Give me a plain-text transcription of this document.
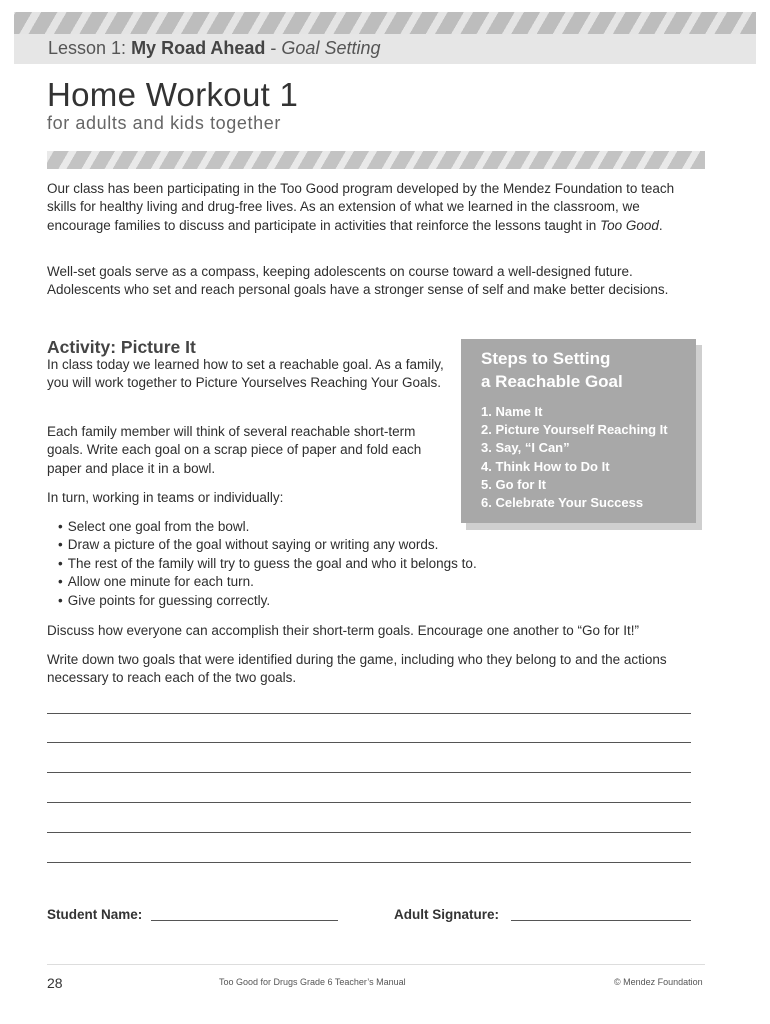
Lesson 1: My Road Ahead - Goal Setting
Home Workout 1
for adults and kids together
Our class has been participating in the Too Good program developed by the Mendez Foundation to teach skills for healthy living and drug-free lives. As an extension of what we learned in the classroom, we encourage families to discuss and participate in activities that reinforce the lessons taught in Too Good.
Well-set goals serve as a compass, keeping adolescents on course toward a well-designed future. Adolescents who set and reach personal goals have a stronger sense of self and make better decisions.
Activity: Picture It
In class today we learned how to set a reachable goal. As a family, you will work together to Picture Yourselves Reaching Your Goals.
Each family member will think of several reachable short-term goals. Write each goal on a scrap piece of paper and fold each paper and place it in a bowl.
In turn, working in teams or individually:
Steps to Setting
a Reachable Goal
1. Name It
2. Picture Yourself Reaching It
3. Say, “I Can”
4. Think How to Do It
5. Go for It
6. Celebrate Your Success
• Select one goal from the bowl.
• Draw a picture of the goal without saying or writing any words.
• The rest of the family will try to guess the goal and who it belongs to.
• Allow one minute for each turn.
• Give points for guessing correctly.
Discuss how everyone can accomplish their short-term goals. Encourage one another to “Go for It!”
Write down two goals that were identified during the game, including who they belong to and the actions necessary to reach each of the two goals.
Student Name:	Adult Signature:
28	Too Good for Drugs Grade 6 Teacher’s Manual	© Mendez Foundation
